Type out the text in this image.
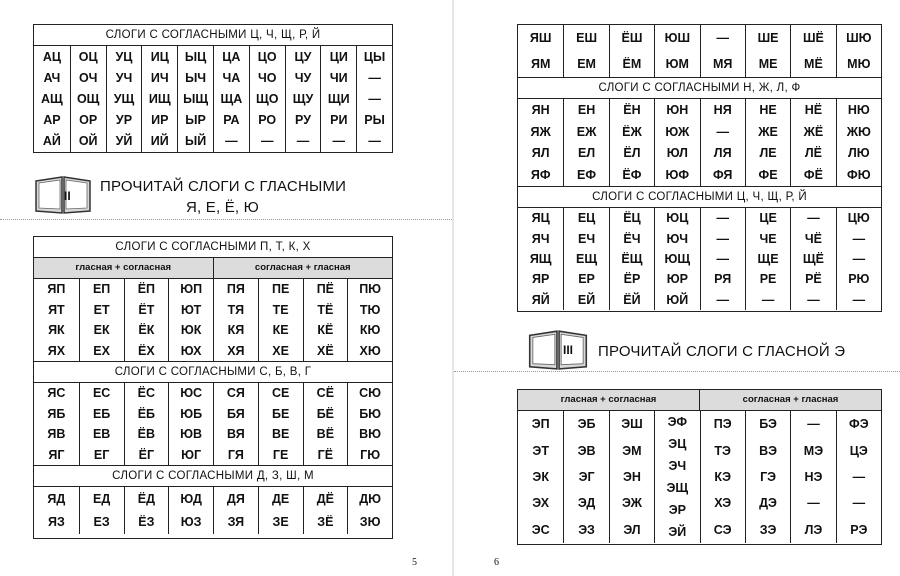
СЛОГИ С СОГЛАСНЫМИ Ц, Ч, Щ, Р, Й
АЦ
АЧ
АЩ
АР
АЙ
ОЦ
ОЧ
ОЩ
ОР
ОЙ
УЦ
УЧ
УЩ
УР
УЙ
ИЦ
ИЧ
ИЩ
ИР
ИЙ
ЫЦ
ЫЧ
ЫЩ
ЫР
ЫЙ
ЦА
ЧА
ЩА
РА
—
ЦО
ЧО
ЩО
РО
—
ЦУ
ЧУ
ЩУ
РУ
—
ЦИ
ЧИ
ЩИ
РИ
—
ЦЫ
—
—
РЫ
—
II
ПРОЧИТАЙ СЛОГИ С ГЛАСНЫМИ
Я, Е, Ё, Ю
СЛОГИ С СОГЛАСНЫМИ П, Т, К, Х
гласная + согласная	согласная + гласная
ЯП
ЯТ
ЯК
ЯХ
ЕП
ЕТ
ЕК
ЕХ
ЁП
ЁТ
ЁК
ЁХ
ЮП
ЮТ
ЮК
ЮХ
ПЯ
ТЯ
КЯ
ХЯ
ПЕ
ТЕ
КЕ
ХЕ
ПЁ
ТЁ
КЁ
ХЁ
ПЮ
ТЮ
КЮ
ХЮ
СЛОГИ С СОГЛАСНЫМИ С, Б, В, Г
ЯС
ЯБ
ЯВ
ЯГ
ЕС
ЕБ
ЕВ
ЕГ
ЁС
ЁБ
ЁВ
ЁГ
ЮС
ЮБ
ЮВ
ЮГ
СЯ
БЯ
ВЯ
ГЯ
СЕ
БЕ
ВЕ
ГЕ
СЁ
БЁ
ВЁ
ГЁ
СЮ
БЮ
ВЮ
ГЮ
СЛОГИ С СОГЛАСНЫМИ Д, З, Ш, М
ЯД
ЯЗ
ЕД
ЕЗ
ЁД
ЁЗ
ЮД
ЮЗ
ДЯ
ЗЯ
ДЕ
ЗЕ
ДЁ
ЗЁ
ДЮ
ЗЮ
5
ЯШ
ЯМ
ЕШ
ЕМ
ЁШ
ЁМ
ЮШ
ЮМ
—
МЯ
ШЕ
МЕ
ШЁ
МЁ
ШЮ
МЮ
СЛОГИ С СОГЛАСНЫМИ Н, Ж, Л, Ф
ЯН
ЯЖ
ЯЛ
ЯФ
ЕН
ЕЖ
ЕЛ
ЕФ
ЁН
ЁЖ
ЁЛ
ЁФ
ЮН
ЮЖ
ЮЛ
ЮФ
НЯ
—
ЛЯ
ФЯ
НЕ
ЖЕ
ЛЕ
ФЕ
НЁ
ЖЁ
ЛЁ
ФЁ
НЮ
ЖЮ
ЛЮ
ФЮ
СЛОГИ С СОГЛАСНЫМИ Ц, Ч, Щ, Р, Й
ЯЦ
ЯЧ
ЯЩ
ЯР
ЯЙ
ЕЦ
ЕЧ
ЕЩ
ЕР
ЕЙ
ЁЦ
ЁЧ
ЁЩ
ЁР
ЁЙ
ЮЦ
ЮЧ
ЮЩ
ЮР
ЮЙ
—
—
—
РЯ
—
ЦЕ
ЧЕ
ЩЕ
РЕ
—
—
ЧЁ
ЩЁ
РЁ
—
ЦЮ
—
—
РЮ
—
III ПРОЧИТАЙ СЛОГИ С ГЛАСНОЙ Э
гласная + согласная	согласная + гласная
ЭП
ЭТ
ЭК
ЭХ
ЭС
ЭБ
ЭВ
ЭГ
ЭД
ЭЗ
ЭШ
ЭМ
ЭН
ЭЖ
ЭЛ
ЭФ
ЭЦ
ЭЧ
ЭЩ
ЭР
ЭЙ
ПЭ
ТЭ
КЭ
ХЭ
СЭ
БЭ
ВЭ
ГЭ
ДЭ
ЗЭ
—
МЭ
НЭ
—
ЛЭ
ФЭ
ЦЭ
—
—
РЭ
6
